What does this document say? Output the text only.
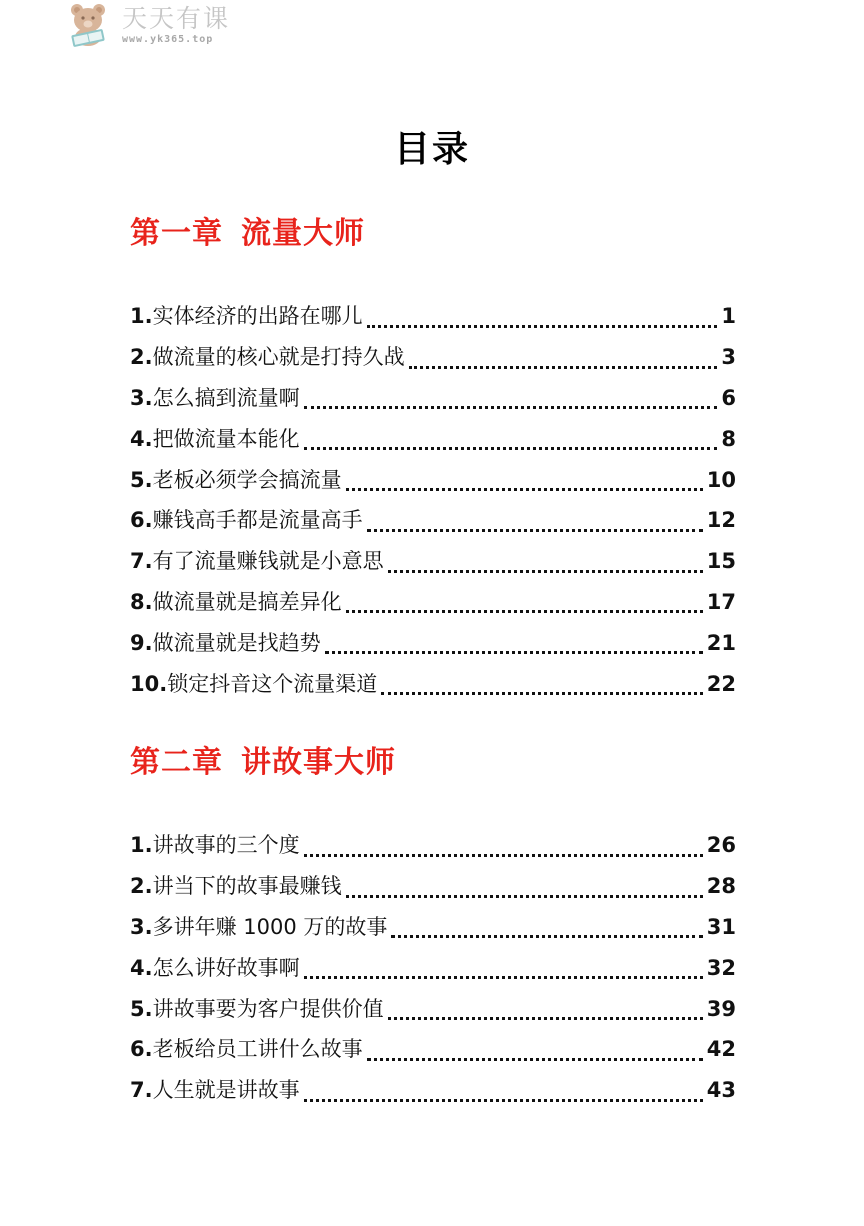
天天有课
www.yk365.top
目录
第一章 流量大师
1.实体经济的出路在哪儿	1
2.做流量的核心就是打持久战	3
3.怎么搞到流量啊	6
4.把做流量本能化	8
5.老板必须学会搞流量	10
6.赚钱高手都是流量高手	12
7.有了流量赚钱就是小意思	15
8.做流量就是搞差异化	17
9.做流量就是找趋势	21
10.锁定抖音这个流量渠道	22
第二章 讲故事大师
1.讲故事的三个度	26
2.讲当下的故事最赚钱	28
3.多讲年赚 1000 万的故事	31
4.怎么讲好故事啊	32
5.讲故事要为客户提供价值	39
6.老板给员工讲什么故事	42
7.人生就是讲故事	43
